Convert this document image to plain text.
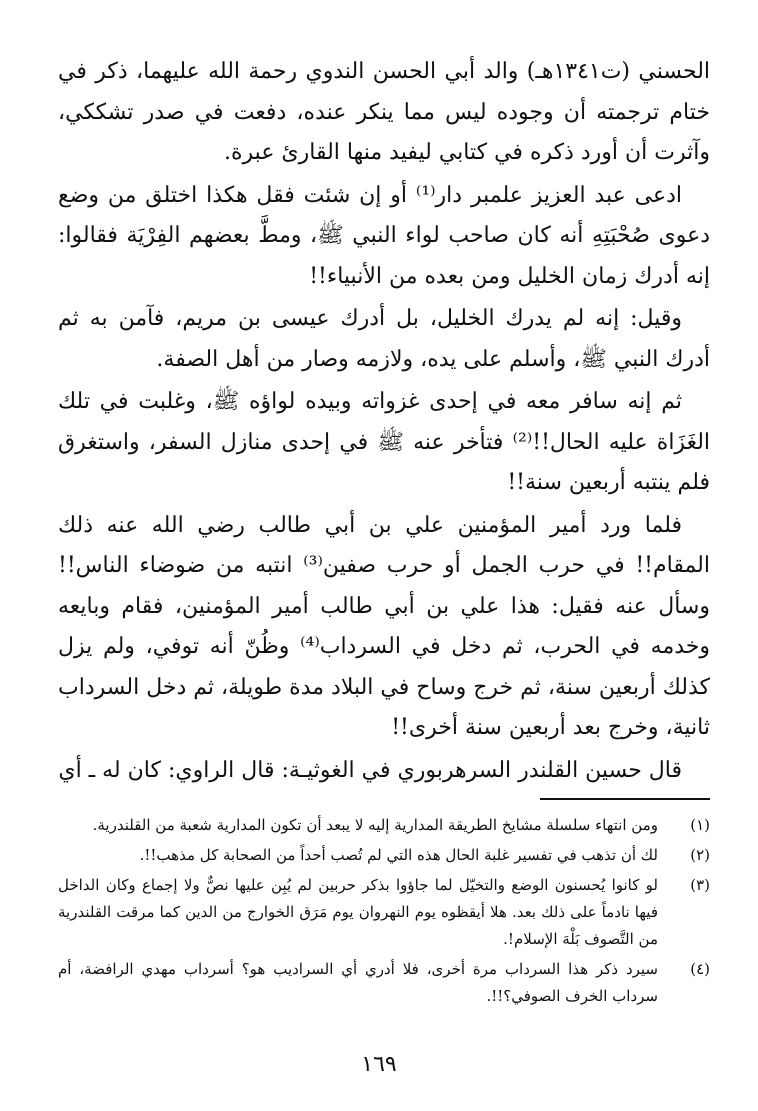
الحسني (ت١٣٤١هـ) والد أبي الحسن الندوي رحمة الله عليهما، ذكر في ختام ترجمته أن وجوده ليس مما ينكر عنده، دفعت في صدر تشككي، وآثرت أن أورد ذكره في كتابي ليفيد منها القارئ عبرة.

ادعى عبد العزيز علمبر دار⁽¹⁾ أو إن شئت فقل هكذا اختلق من وضع دعوى صُحْبَتِهِ أنه كان صاحب لواء النبي ﷺ، ومطَّ بعضهم الفِرْيَة فقالوا: إنه أدرك زمان الخليل ومن بعده من الأنبياء!!

وقيل: إنه لم يدرك الخليل، بل أدرك عيسى بن مريم، فآمن به ثم أدرك النبي ﷺ، وأسلم على يده، ولازمه وصار من أهل الصفة.

ثم إنه سافر معه في إحدى غزواته وبيده لواؤه ﷺ، وغلبت في تلك الغَزَاة عليه الحال!!⁽²⁾ فتأخر عنه ﷺ في إحدى منازل السفر، واستغرق فلم ينتبه أربعين سنة!!

فلما ورد أمير المؤمنين علي بن أبي طالب رضي الله عنه ذلك المقام!! في حرب الجمل أو حرب صفين⁽³⁾ انتبه من ضوضاء الناس!! وسأل عنه فقيل: هذا علي بن أبي طالب أمير المؤمنين، فقام وبايعه وخدمه في الحرب، ثم دخل في السرداب⁽⁴⁾ وظُنّ أنه توفي، ولم يزل كذلك أربعين سنة، ثم خرج وساح في البلاد مدة طويلة، ثم دخل السرداب ثانية، وخرج بعد أربعين سنة أخرى!!

قال حسين القلندر السرهربوري في الغوثيـة: قال الراوي: كان له ـ أي

(١)
ومن انتهاء سلسلة مشايخ الطريقة المدارية إليه لا يبعد أن تكون المدارية شعبة من القلندرية.
(٢)
لك أن تذهب في تفسير غلبة الحال هذه التي لم تُصب أحداً من الصحابة كل مذهب!!.
(٣)
لو كانوا يُحسنون الوضع والتخيّل لما جاؤوا بذكر حربين لم يُبِن عليها نصٌّ ولا إجماع وكان الداخل فيها نادماً على ذلك بعد. هلا أيقظوه يوم النهروان يوم مَرَق الخوارج من الدين كما مرقت القلندرية من التَّصوف بَلْهَ الإسلام!.
(٤)
سيرد ذكر هذا السرداب مرة أخرى، فلا أدري أي السراديب هو؟ أسرداب مهدي الرافضة، أم سرداب الخرف الصوفي؟!!.
١٦٩
